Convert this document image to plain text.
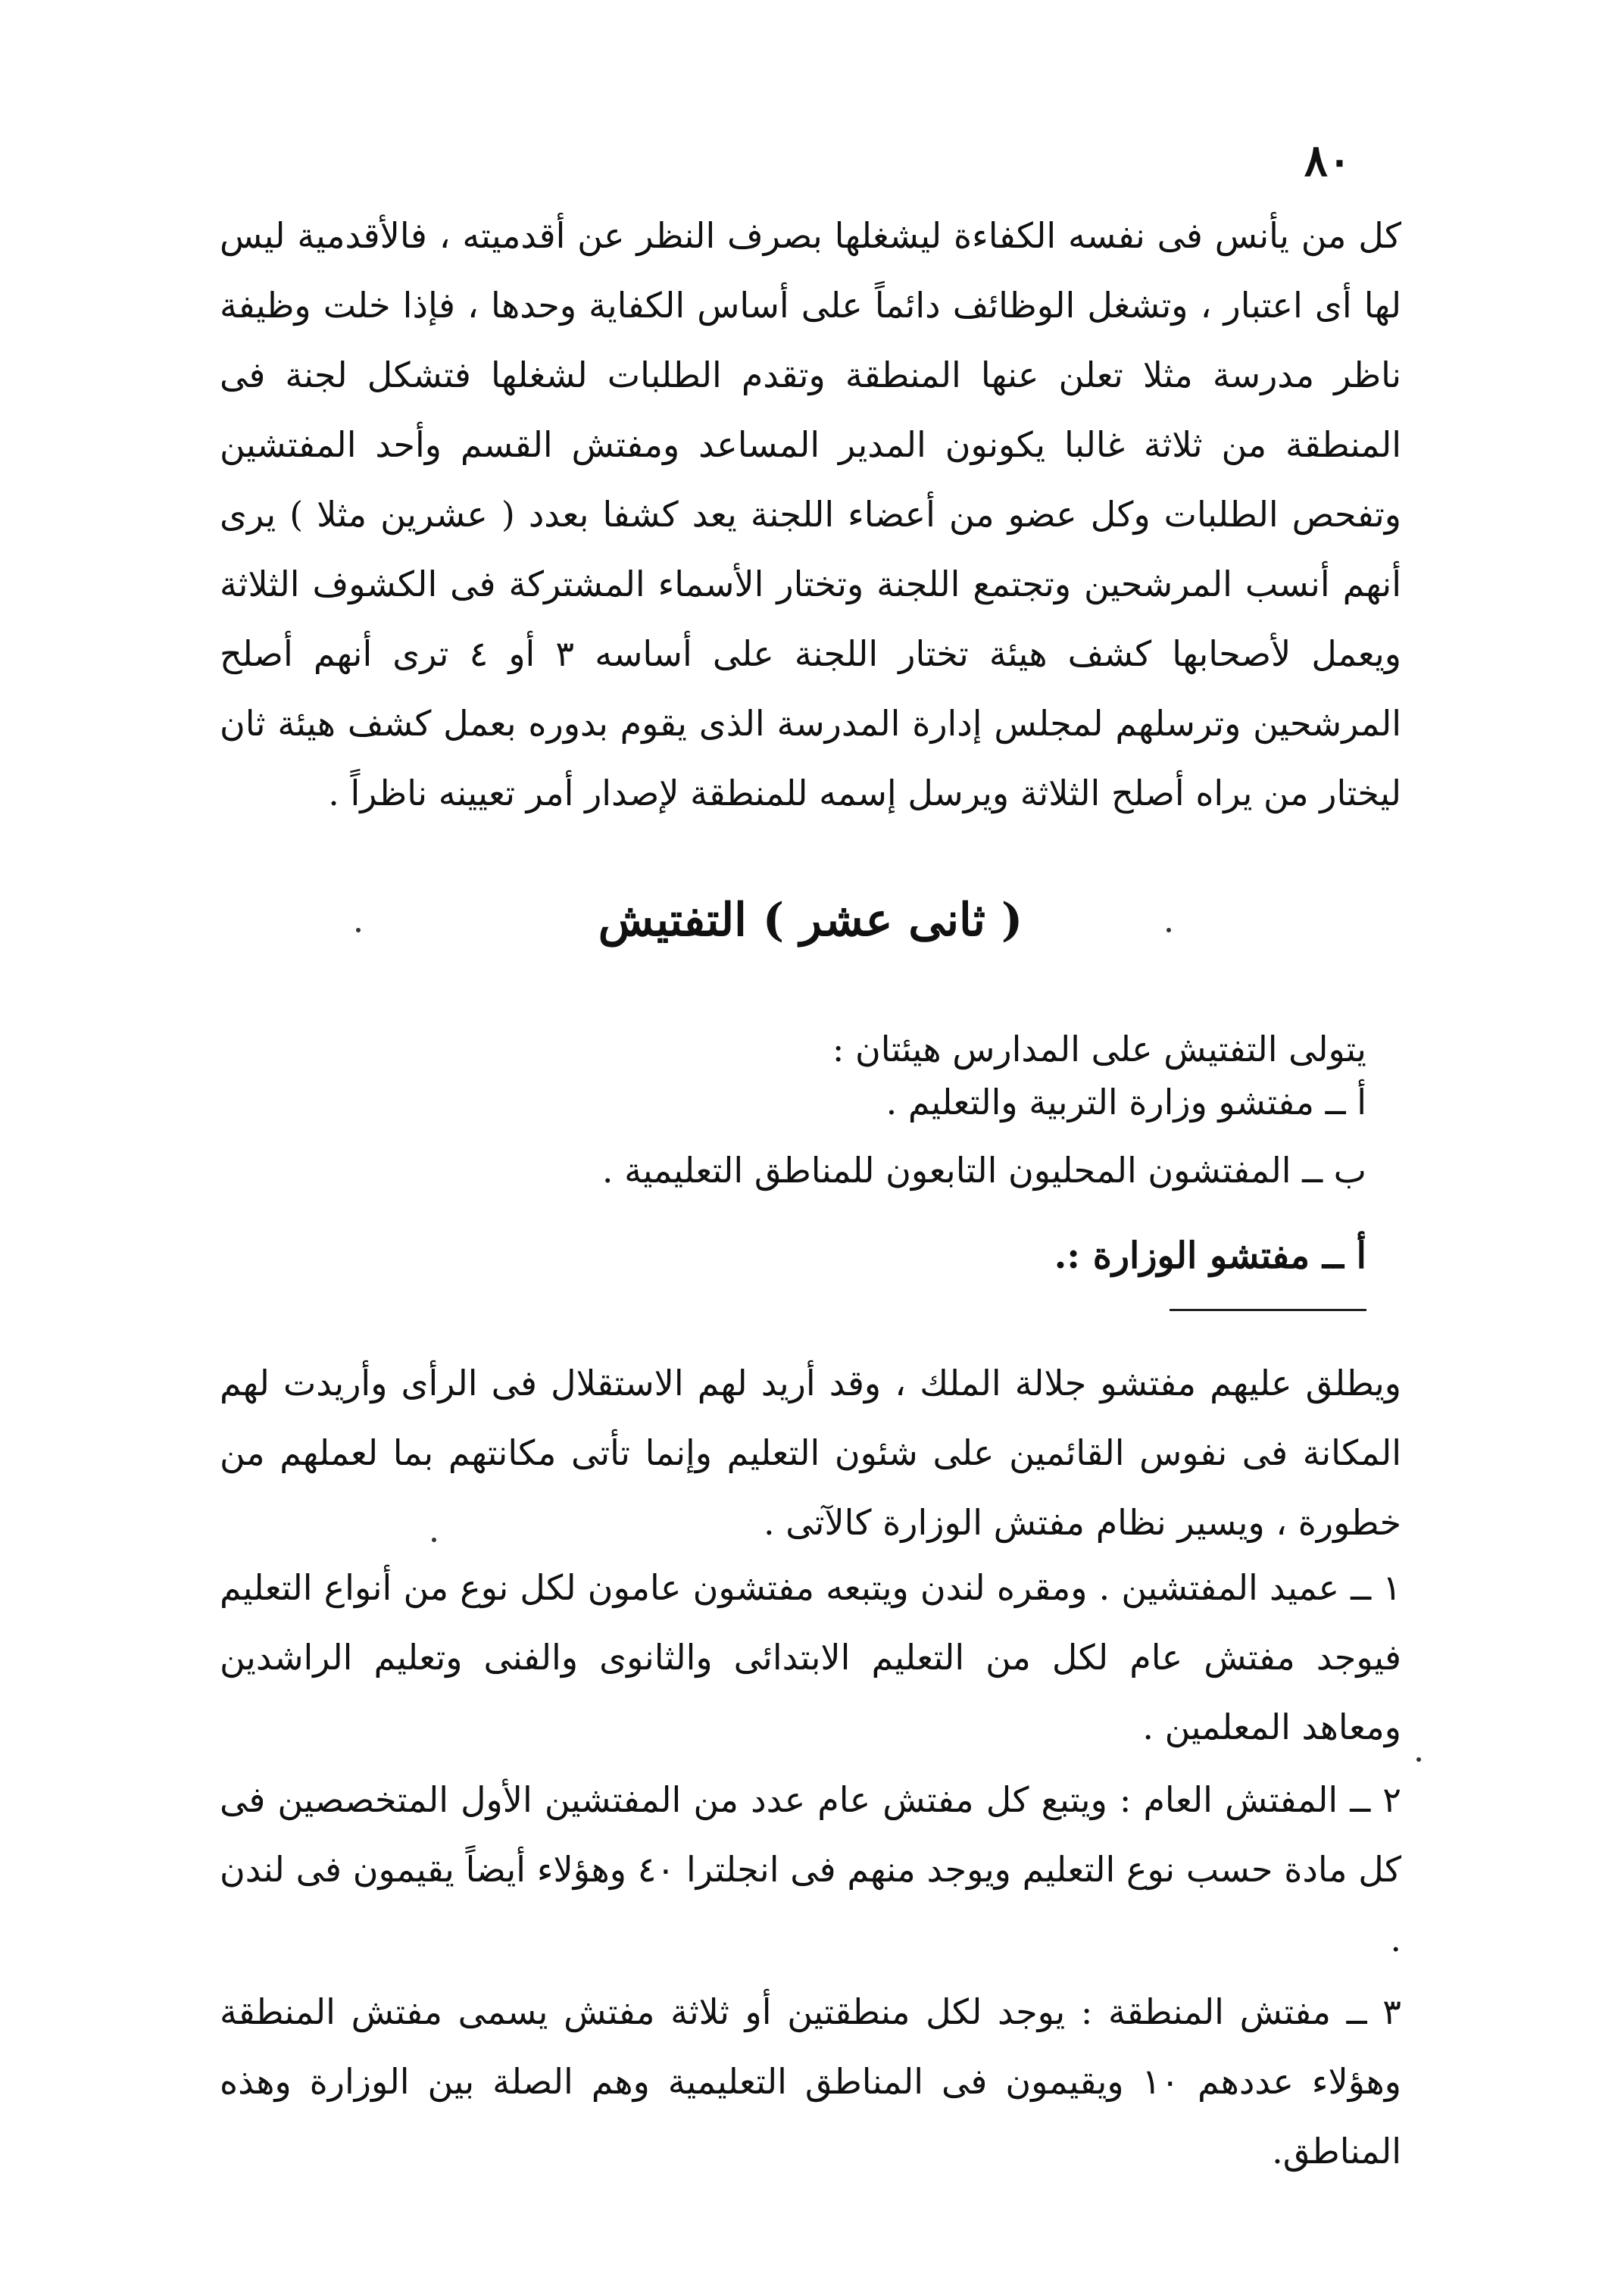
٨٠

كل من يأنس فى نفسه الكفاءة ليشغلها بصرف النظر عن أقدميته ، فالأقدمية ليس لها أى اعتبار ، وتشغل الوظائف دائماً على أساس الكفاية وحدها ، فإذا خلت وظيفة ناظر مدرسة مثلا تعلن عنها المنطقة وتقدم الطلبات لشغلها فتشكل لجنة فى المنطقة من ثلاثة غالبا يكونون المدير المساعد ومفتش القسم وأحد المفتشين وتفحص الطلبات وكل عضو من أعضاء اللجنة يعد كشفا بعدد ( عشرين مثلا ) يرى أنهم أنسب المرشحين وتجتمع اللجنة وتختار الأسماء المشتركة فى الكشوف الثلاثة ويعمل لأصحابها كشف هيئة تختار اللجنة على أساسه ٣ أو ٤ ترى أنهم أصلح المرشحين وترسلهم لمجلس إدارة المدرسة الذى يقوم بدوره بعمل كشف هيئة ثان ليختار من يراه أصلح الثلاثة ويرسل إسمه للمنطقة لإصدار أمر تعيينه ناظراً .

( ثانى عشر ) التفتيش

يتولى التفتيش على المدارس هيئتان :

أ ــ مفتشو وزارة التربية والتعليم .

ب ــ المفتشون المحليون التابعون للمناطق التعليمية .

أ ــ مفتشو الوزارة :.

ويطلق عليهم مفتشو جلالة الملك ، وقد أريد لهم الاستقلال فى الرأى وأريدت لهم المكانة فى نفوس القائمين على شئون التعليم وإنما تأتى مكانتهم بما لعملهم من خطورة ، ويسير نظام مفتش الوزارة كالآتى .

١ ــ عميد المفتشين . ومقره لندن ويتبعه مفتشون عامون لكل نوع من أنواع التعليم فيوجد مفتش عام لكل من التعليم الابتدائى والثانوى والفنى وتعليم الراشدين ومعاهد المعلمين .

٢ ــ المفتش العام : ويتبع كل مفتش عام عدد من المفتشين الأول المتخصصين فى كل مادة حسب نوع التعليم ويوجد منهم فى انجلترا ٤٠ وهؤلاء أيضاً يقيمون فى لندن .

٣ ــ مفتش المنطقة : يوجد لكل منطقتين أو ثلاثة مفتش يسمى مفتش المنطقة وهؤلاء عددهم ١٠ ويقيمون فى المناطق التعليمية وهم الصلة بين الوزارة وهذه المناطق.
